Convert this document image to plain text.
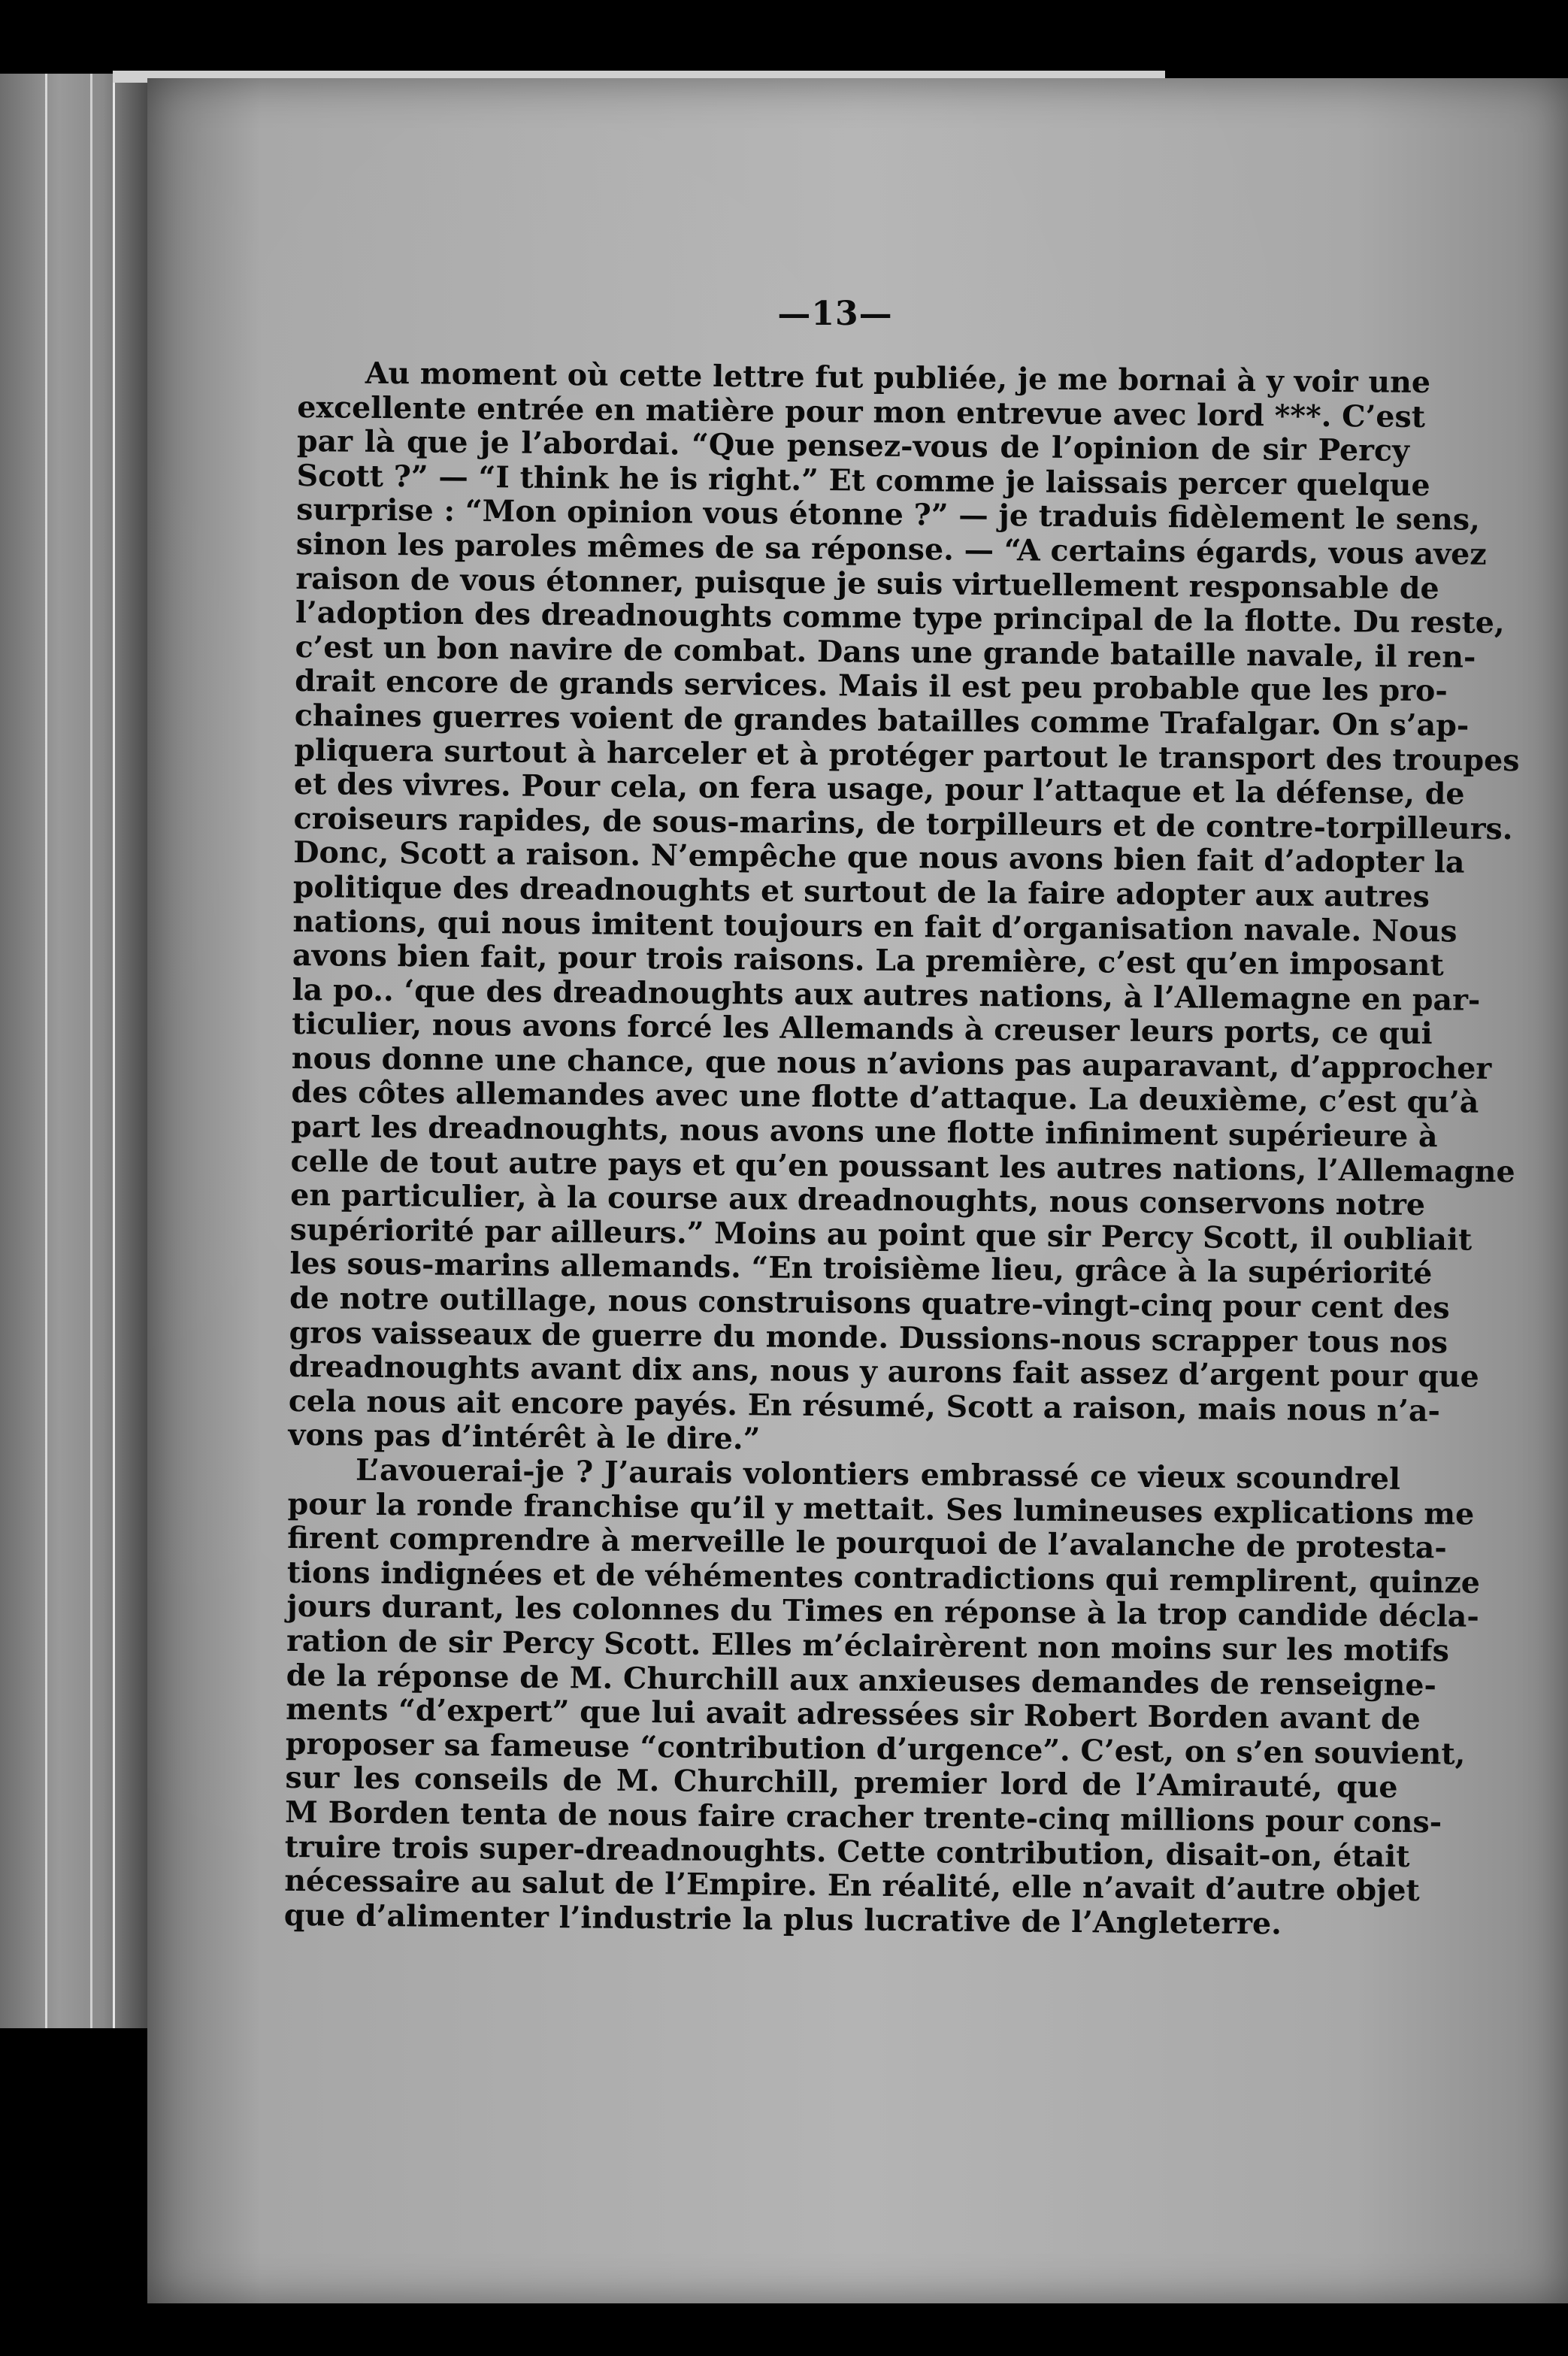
—13—
Au moment où cette lettre fut publiée, je me bornai à y voir une
excellente entrée en matière pour mon entrevue avec lord ***. C’est
par là que je l’abordai. “Que pensez-vous de l’opinion de sir Percy
Scott ?” — “I think he is right.” Et comme je laissais percer quelque
surprise : “Mon opinion vous étonne ?” — je traduis fidèlement le sens,
sinon les paroles mêmes de sa réponse. — “A certains égards, vous avez
raison de vous étonner, puisque je suis virtuellement responsable de
l’adoption des dreadnoughts comme type principal de la flotte. Du reste,
c’est un bon navire de combat. Dans une grande bataille navale, il ren-
drait encore de grands services. Mais il est peu probable que les pro-
chaines guerres voient de grandes batailles comme Trafalgar. On s’ap-
pliquera surtout à harceler et à protéger partout le transport des troupes
et des vivres. Pour cela, on fera usage, pour l’attaque et la défense, de
croiseurs rapides, de sous-marins, de torpilleurs et de contre-torpilleurs.
Donc, Scott a raison. N’empêche que nous avons bien fait d’adopter la
politique des dreadnoughts et surtout de la faire adopter aux autres
nations, qui nous imitent toujours en fait d’organisation navale. Nous
avons bien fait, pour trois raisons. La première, c’est qu’en imposant
la po.. ‘que des dreadnoughts aux autres nations, à l’Allemagne en par-
ticulier, nous avons forcé les Allemands à creuser leurs ports, ce qui
nous donne une chance, que nous n’avions pas auparavant, d’approcher
des côtes allemandes avec une flotte d’attaque. La deuxième, c’est qu’à
part les dreadnoughts, nous avons une flotte infiniment supérieure à
celle de tout autre pays et qu’en poussant les autres nations, l’Allemagne
en particulier, à la course aux dreadnoughts, nous conservons notre
supériorité par ailleurs.” Moins au point que sir Percy Scott, il oubliait
les sous-marins allemands. “En troisième lieu, grâce à la supériorité
de notre outillage, nous construisons quatre-vingt-cinq pour cent des
gros vaisseaux de guerre du monde. Dussions-nous scrapper tous nos
dreadnoughts avant dix ans, nous y aurons fait assez d’argent pour que
cela nous ait encore payés. En résumé, Scott a raison, mais nous n’a-
vons pas d’intérêt à le dire.”
L’avouerai-je ? J’aurais volontiers embrassé ce vieux scoundrel
pour la ronde franchise qu’il y mettait. Ses lumineuses explications me
firent comprendre à merveille le pourquoi de l’avalanche de protesta-
tions indignées et de véhémentes contradictions qui remplirent, quinze
jours durant, les colonnes du Times en réponse à la trop candide décla-
ration de sir Percy Scott. Elles m’éclairèrent non moins sur les motifs
de la réponse de M. Churchill aux anxieuses demandes de renseigne-
ments “d’expert” que lui avait adressées sir Robert Borden avant de
proposer sa fameuse “contribution d’urgence”. C’est, on s’en souvient,
sur les conseils de M. Churchill, premier lord de l’Amirauté, que
M Borden tenta de nous faire cracher trente-cinq millions pour cons-
truire trois super-dreadnoughts. Cette contribution, disait-on, était
nécessaire au salut de l’Empire. En réalité, elle n’avait d’autre objet
que d’alimenter l’industrie la plus lucrative de l’Angleterre.
